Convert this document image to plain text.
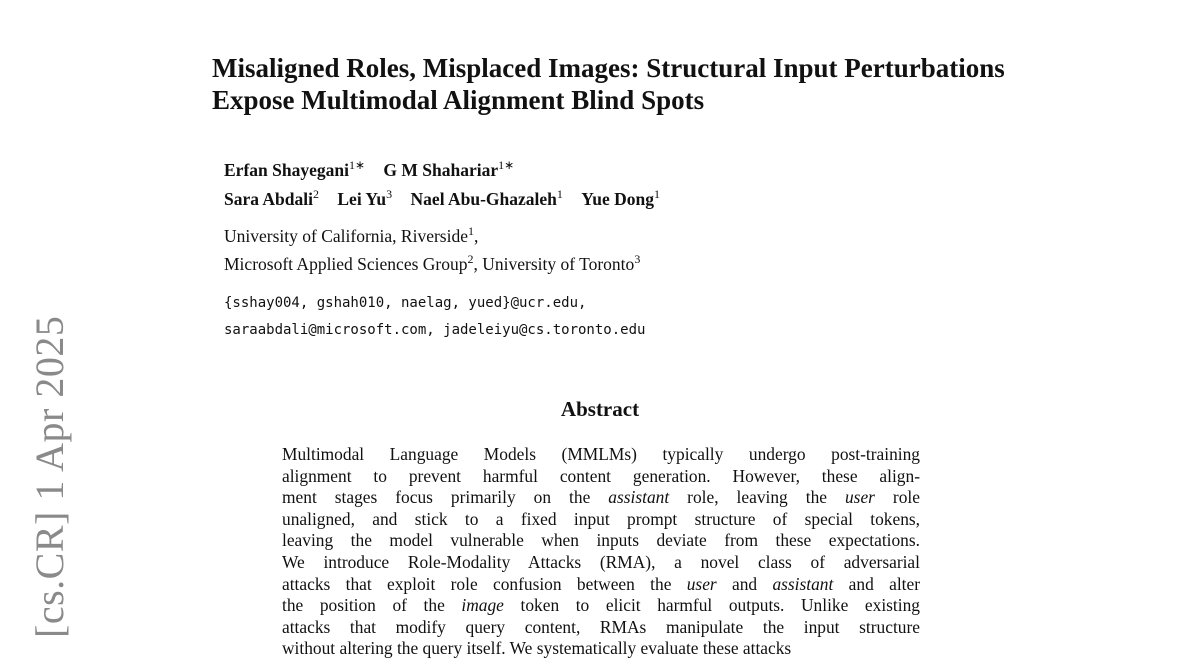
[cs.CR] 1 Apr 2025
Misaligned Roles, Misplaced Images: Structural Input Perturbations Expose Multimodal Alignment Blind Spots
Erfan Shayegani$^{1∗}$ G M Shahariar$^{1∗}$
Sara Abdali$^2$ Lei Yu$^3$ Nael Abu-Ghazaleh$^1$ Yue Dong$^1$
University of California, Riverside$^1$,
Microsoft Applied Sciences Group$^2$, University of Toronto$^3$
{sshay004, gshah010, naelag, yued}@ucr.edu,
saraabdali@microsoft.com, jadeleiyu@cs.toronto.edu
Abstract
Multimodal Language Models (MMLMs) typically undergo post-training
alignment to prevent harmful content generation. However, these align-
ment stages focus primarily on the assistant role, leaving the user role
unaligned, and stick to a fixed input prompt structure of special tokens,
leaving the model vulnerable when inputs deviate from these expectations.
We introduce Role-Modality Attacks (RMA), a novel class of adversarial
attacks that exploit role confusion between the user and assistant and alter
the position of the image token to elicit harmful outputs. Unlike existing
attacks that modify query content, RMAs manipulate the input structure
without altering the query itself. We systematically evaluate these attacks
